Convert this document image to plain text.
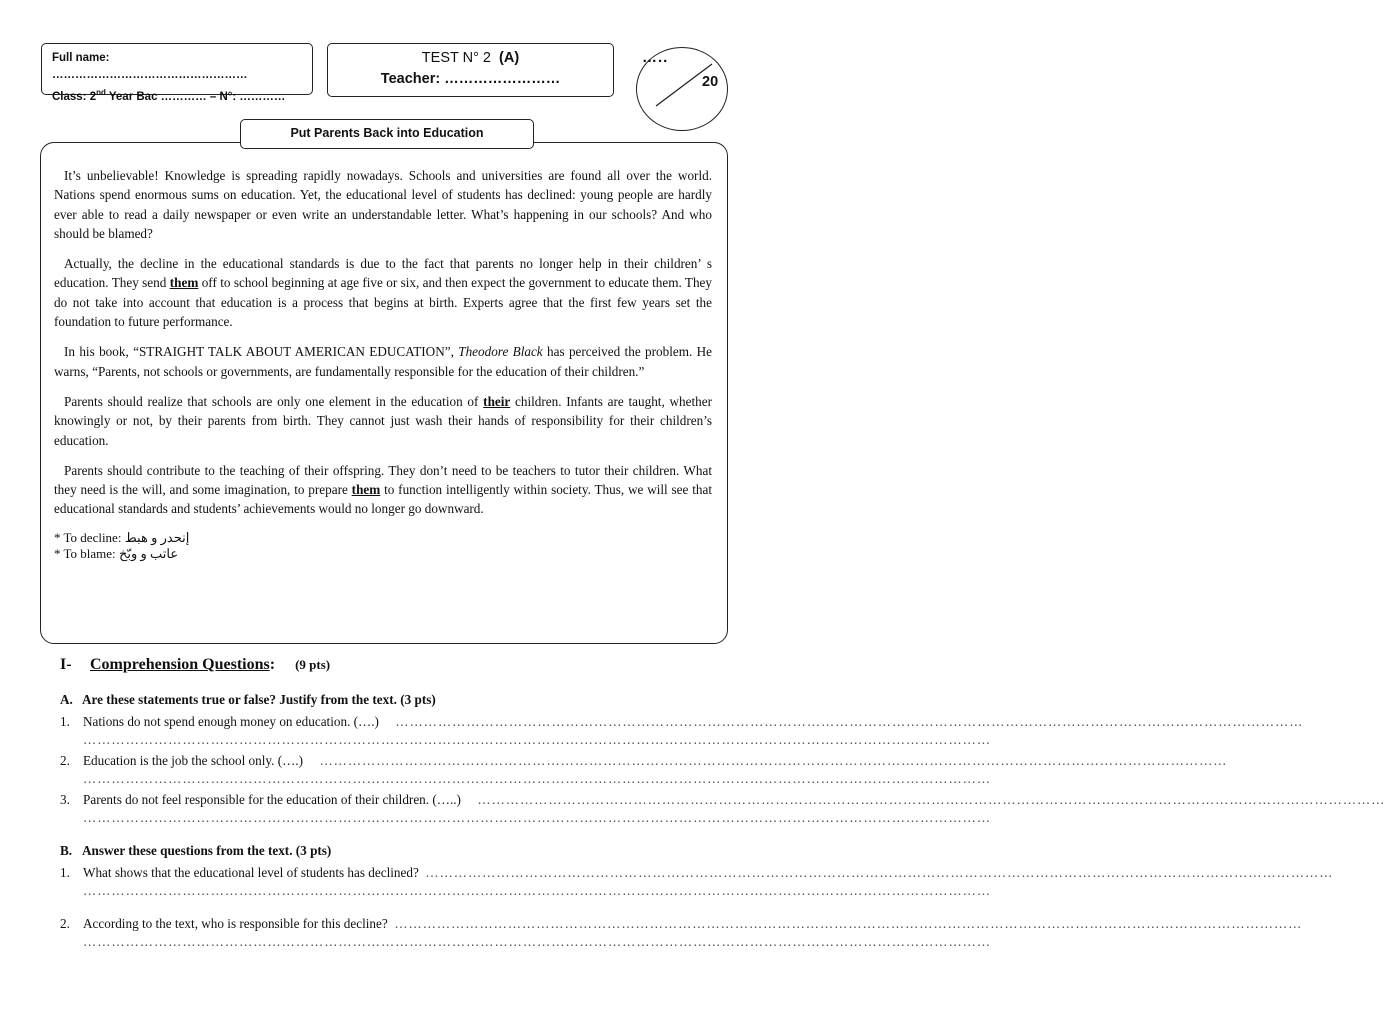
Full name: ……………………………………………
Class: 2nd Year Bac ………… – N°: …………
TEST N° 2 (A)
Teacher: ……………………
…..
20
Put Parents Back into Education

It’s unbelievable! Knowledge is spreading rapidly nowadays. Schools and universities are found all over the world. Nations spend enormous sums on education. Yet, the educational level of students has declined: young people are hardly ever able to read a daily newspaper or even write an understandable letter. What’s happening in our schools? And who should be blamed?

Actually, the decline in the educational standards is due to the fact that parents no longer help in their children’ s education. They send them off to school beginning at age five or six, and then expect the government to educate them. They do not take into account that education is a process that begins at birth. Experts agree that the first few years set the foundation to future performance.

In his book, “STRAIGHT TALK ABOUT AMERICAN EDUCATION”, Theodore Black has perceived the problem. He warns, “Parents, not schools or governments, are fundamentally responsible for the education of their children.”

Parents should realize that schools are only one element in the education of their children. Infants are taught, whether knowingly or not, by their parents from birth. They cannot just wash their hands of responsibility for their children’s education.

Parents should contribute to the teaching of their offspring. They don’t need to be teachers to tutor their children. What they need is the will, and some imagination, to prepare them to function intelligently within society. Thus, we will see that educational standards and students’ achievements would no longer go downward.

* To decline: إنحدر و هبط
* To blame: عاتب و وبّخ
I- Comprehension Questions: (9 pts)
A. Are these statements true or false? Justify from the text. (3 pts)
1. Nations do not spend enough money on education. (….) …………………………………………………………………………………………………………………………………………………………………………
…………………………………………………………………………………………………………………………………………………………………………
2. Education is the job the school only. (….) …………………………………………………………………………………………………………………………………………………………………………
…………………………………………………………………………………………………………………………………………………………………………
3. Parents do not feel responsible for the education of their children. (…..) …………………………………………………………………………………………………………………………………………………………………………
…………………………………………………………………………………………………………………………………………………………………………
B. Answer these questions from the text. (3 pts)
1. What shows that the educational level of students has declined? …………………………………………………………………………………………………………………………………………………………………………
…………………………………………………………………………………………………………………………………………………………………………
2. According to the text, who is responsible for this decline? …………………………………………………………………………………………………………………………………………………………………………
…………………………………………………………………………………………………………………………………………………………………………
